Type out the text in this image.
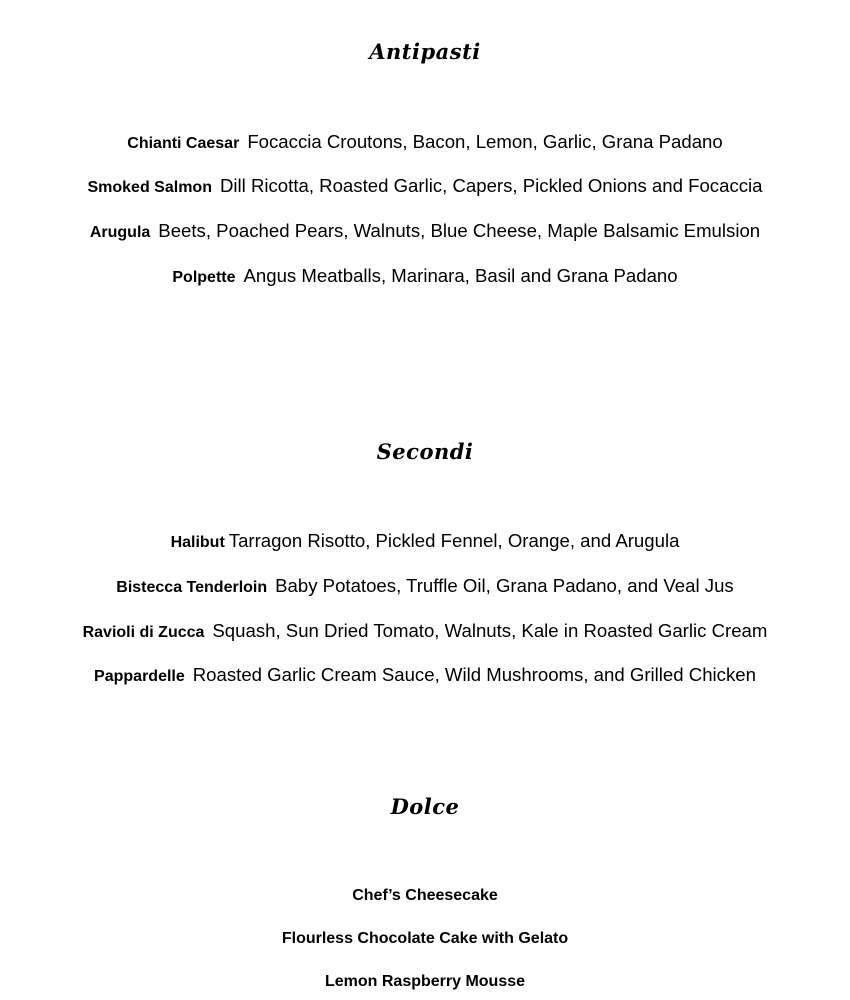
Antipasti

Chianti Caesar Focaccia Croutons, Bacon, Lemon, Garlic, Grana Padano

Smoked Salmon Dill Ricotta, Roasted Garlic, Capers, Pickled Onions and Focaccia

Arugula Beets, Poached Pears, Walnuts, Blue Cheese, Maple Balsamic Emulsion

Polpette Angus Meatballs, Marinara, Basil and Grana Padano

Secondi

Halibut Tarragon Risotto, Pickled Fennel, Orange, and Arugula

Bistecca Tenderloin Baby Potatoes, Truffle Oil, Grana Padano, and Veal Jus

Ravioli di Zucca Squash, Sun Dried Tomato, Walnuts, Kale in Roasted Garlic Cream

Pappardelle Roasted Garlic Cream Sauce, Wild Mushrooms, and Grilled Chicken

Dolce

Chef’s Cheesecake

Flourless Chocolate Cake with Gelato

Lemon Raspberry Mousse
